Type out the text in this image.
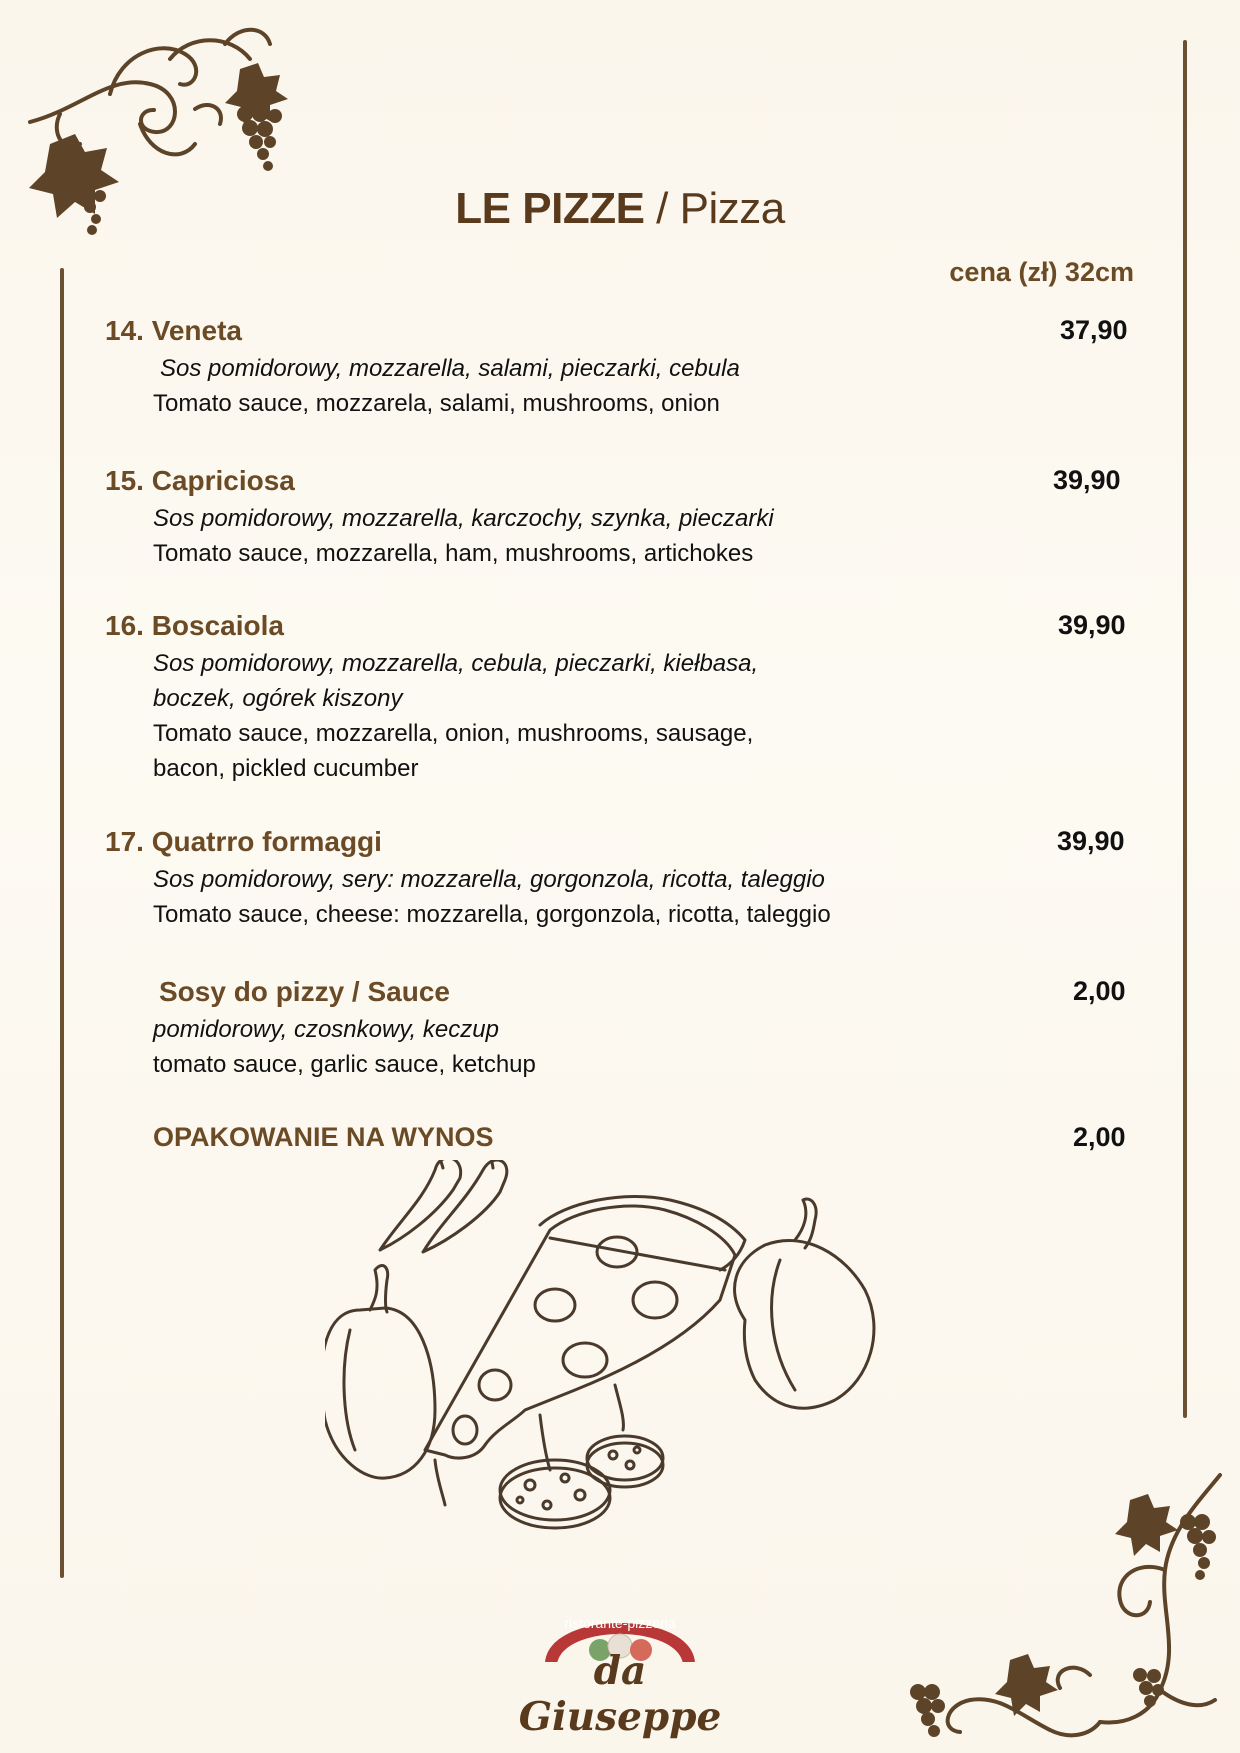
LE PIZZE / Pizza
cena (zł) 32cm
14. Veneta	37,90
Sos pomidorowy, mozzarella, salami, pieczarki, cebula
Tomato sauce, mozzarela, salami, mushrooms, onion
15. Capriciosa	39,90
Sos pomidorowy, mozzarella, karczochy, szynka, pieczarki
Tomato sauce, mozzarella, ham, mushrooms, artichokes
16. Boscaiola	39,90
Sos pomidorowy, mozzarella, cebula, pieczarki, kiełbasa,
boczek, ogórek kiszony
Tomato sauce, mozzarella, onion, mushrooms, sausage,
bacon, pickled cucumber
17. Quatrro formaggi	39,90
Sos pomidorowy, sery: mozzarella, gorgonzola, ricotta, taleggio
Tomato sauce, cheese: mozzarella, gorgonzola, ricotta, taleggio
Sosy do pizzy / Sauce	2,00
pomidorowy, czosnkowy, keczup
tomato sauce, garlic sauce, ketchup
OPAKOWANIE NA WYNOS	2,00
ristorante-pizzeria
da Giuseppe
